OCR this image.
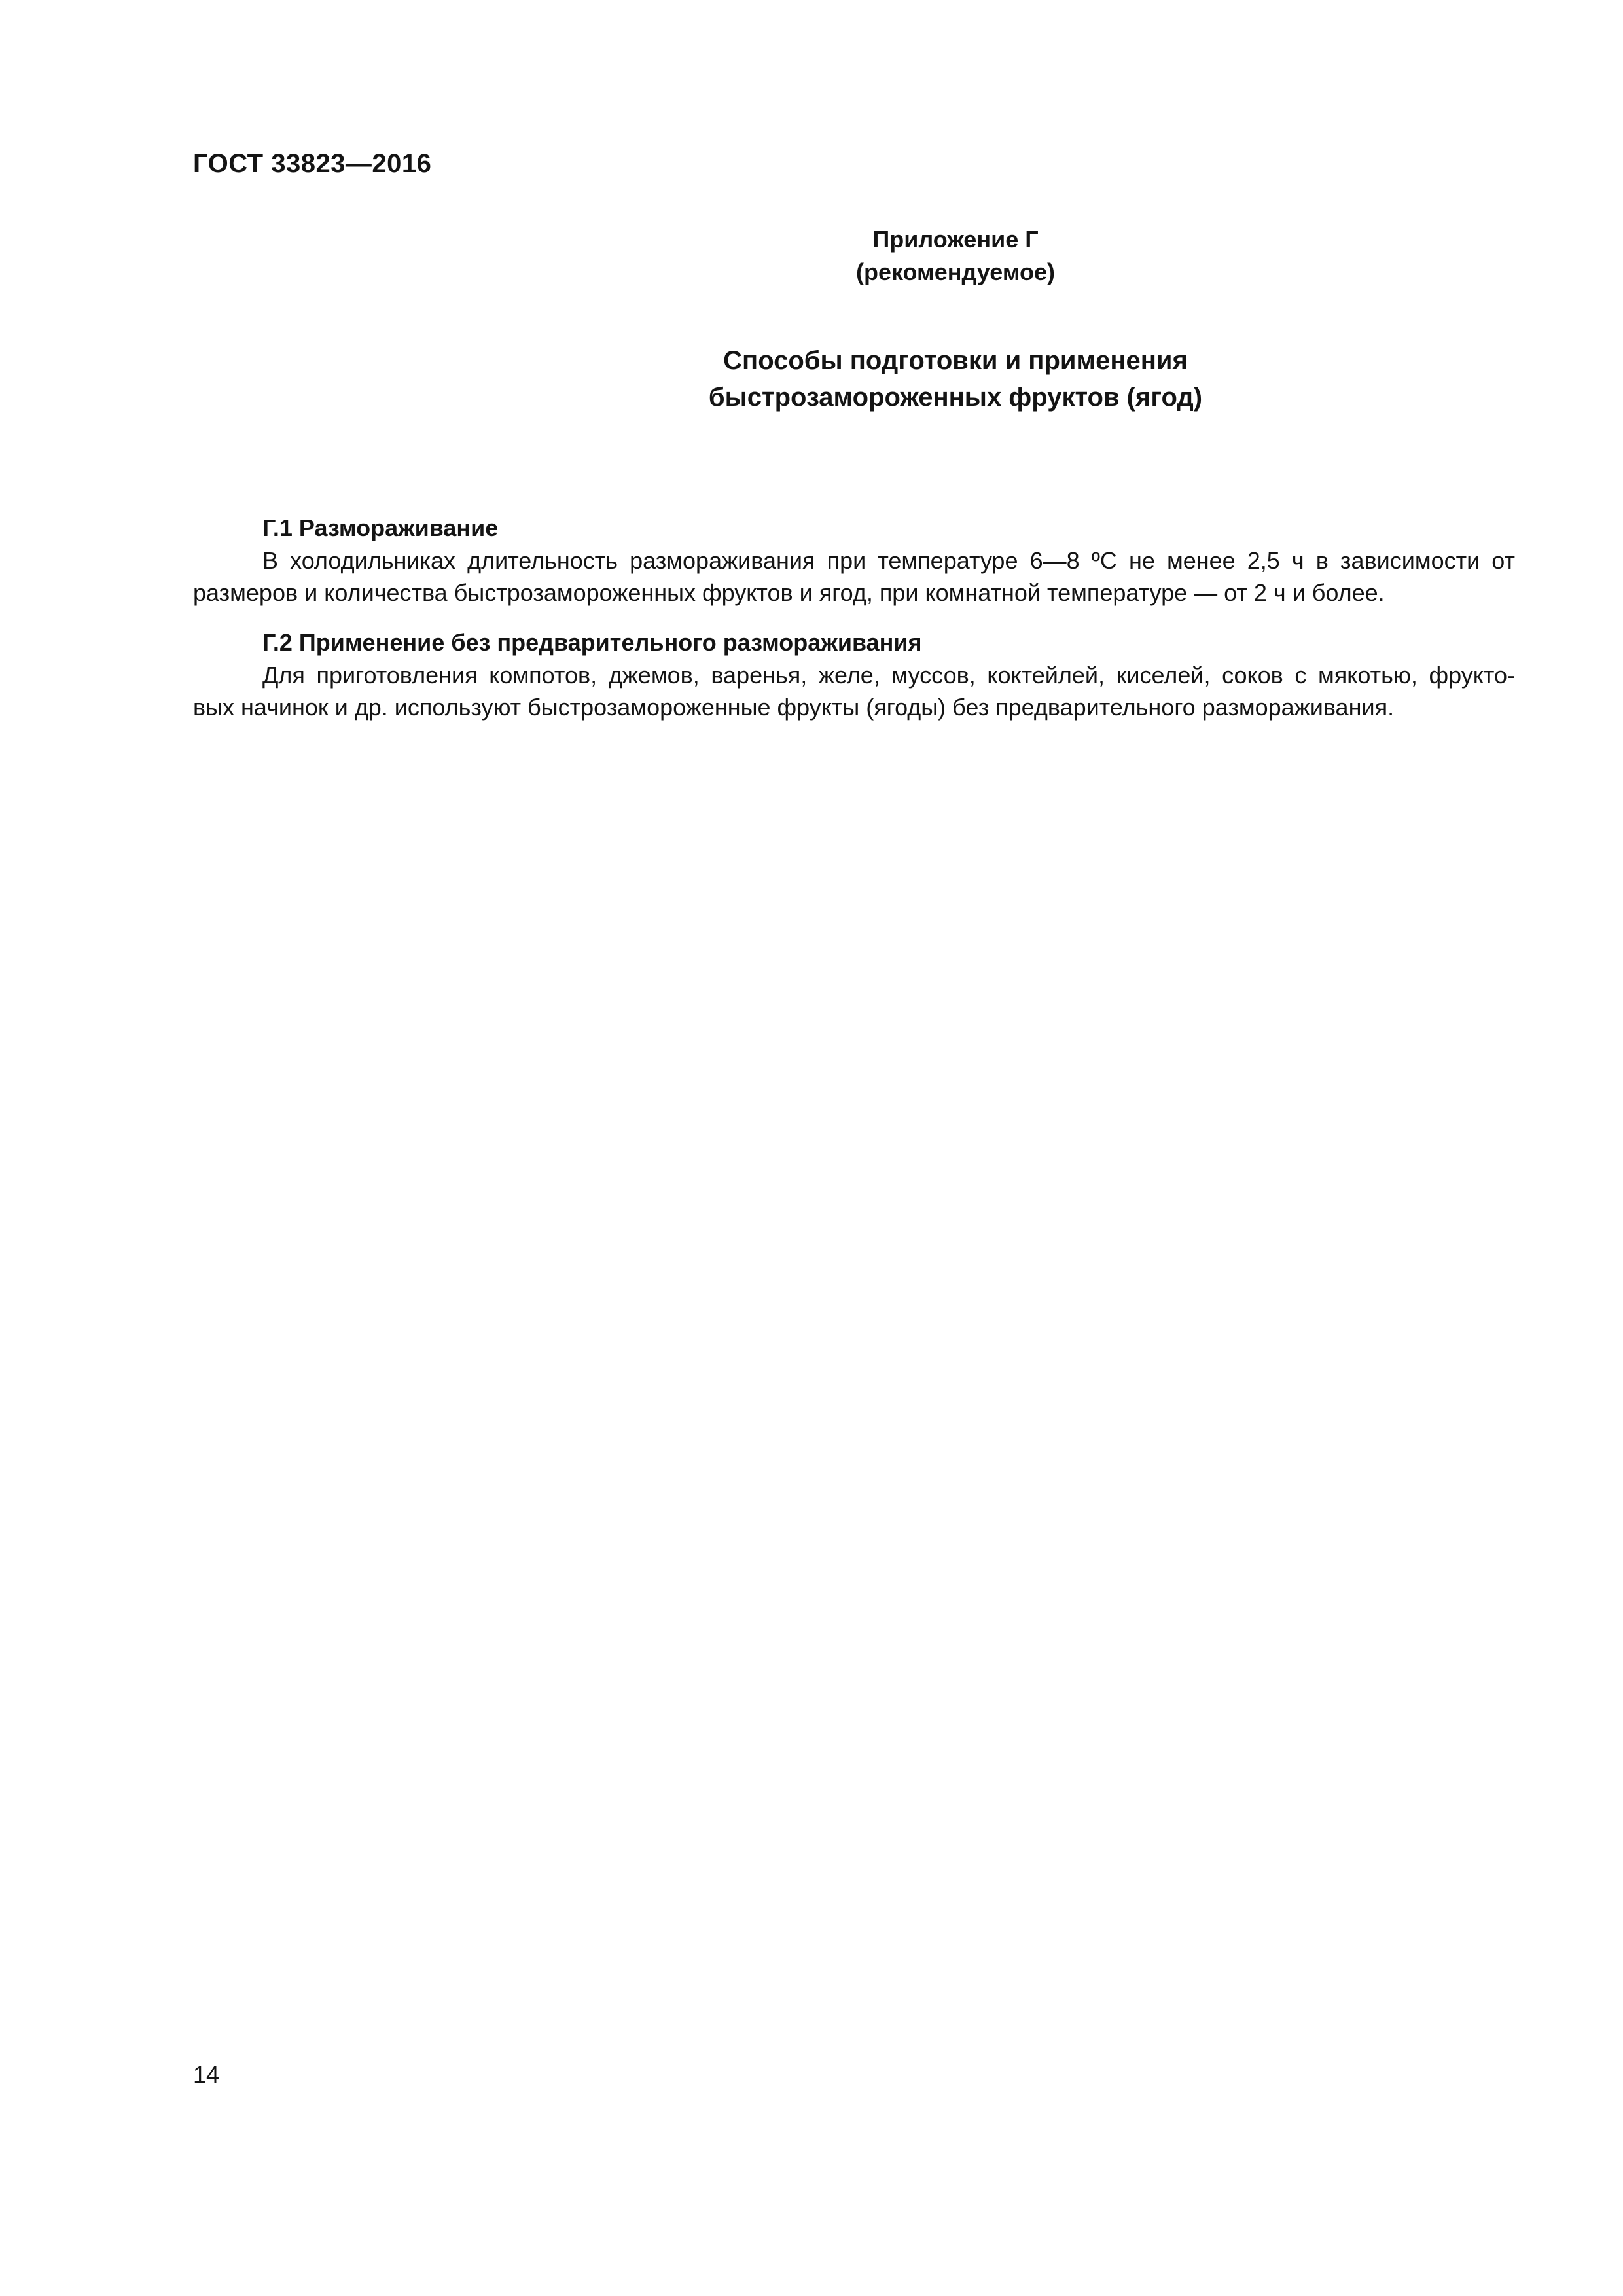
ГОСТ 33823—2016
Приложение Г
(рекомендуемое)
Способы подготовки и применения
быстрозамороженных фруктов (ягод)
Г.1 Размораживание
В холодильниках длительность размораживания при температуре 6—8 ºС не менее 2,5 ч в зависимости от
размеров и количества быстрозамороженных фруктов и ягод, при комнатной температуре — от 2 ч и более.
Г.2 Применение без предварительного размораживания
Для приготовления компотов, джемов, варенья, желе, муссов, коктейлей, киселей, соков с мякотью, фрукто-
вых начинок и др. используют быстрозамороженные фрукты (ягоды) без предварительного размораживания.
14
